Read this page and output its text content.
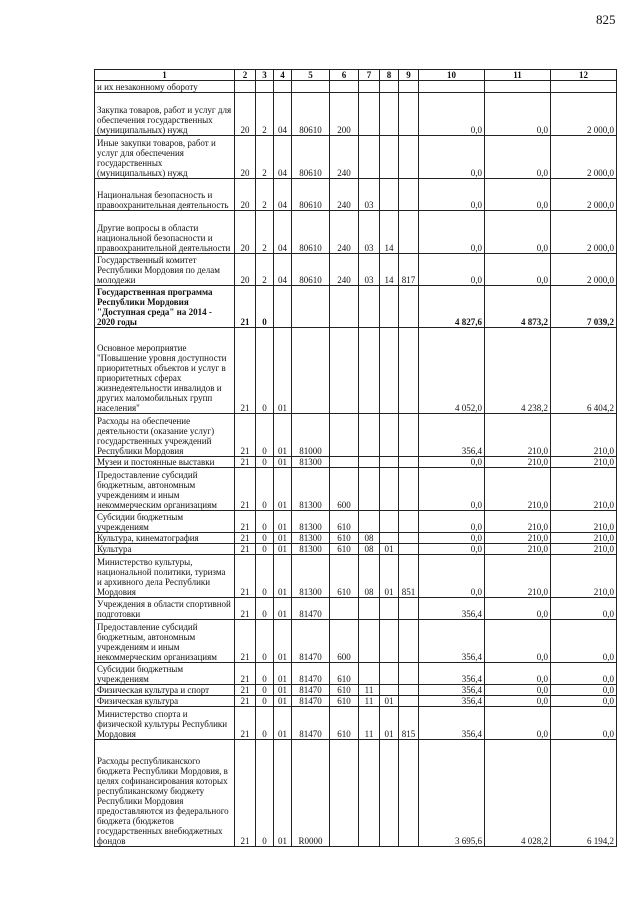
825
1	2	3	4	5	6	7	8	9	10	11	12
и их незаконному обороту											
Закупка товаров, работ и услуг для обеспечения государственных (муниципальных) нужд	20	2	04	80610	200				0,0	0,0	2 000,0
Иные закупки товаров, работ и услуг для обеспечения государственных (муниципальных) нужд	20	2	04	80610	240				0,0	0,0	2 000,0
Национальная безопасность и правоохранительная деятельность	20	2	04	80610	240	03			0,0	0,0	2 000,0
Другие вопросы в области национальной безопасности и правоохранительной деятельности	20	2	04	80610	240	03	14		0,0	0,0	2 000,0
Государственный комитет Республики Мордовия по делам молодежи	20	2	04	80610	240	03	14	817	0,0	0,0	2 000,0
Государственная программа Республики Мордовия "Доступная среда" на 2014 - 2020 годы	21	0							4 827,6	4 873,2	7 039,2
Основное мероприятие "Повышение уровня доступности приоритетных объектов и услуг в приоритетных сферах жизнедеятельности инвалидов и других маломобильных групп населения"	21	0	01						4 052,0	4 238,2	6 404,2
Расходы на обеспечение деятельности (оказание услуг) государственных учреждений Республики Мордовия	21	0	01	81000					356,4	210,0	210,0
Музеи и постоянные выставки	21	0	01	81300					0,0	210,0	210,0
Предоставление субсидий бюджетным, автономным учреждениям и иным некоммерческим организациям	21	0	01	81300	600				0,0	210,0	210,0
Субсидии бюджетным учреждениям	21	0	01	81300	610				0,0	210,0	210,0
Культура, кинематография	21	0	01	81300	610	08			0,0	210,0	210,0
Культура	21	0	01	81300	610	08	01		0,0	210,0	210,0
Министерство культуры, национальной политики, туризма и архивного дела Республики Мордовия	21	0	01	81300	610	08	01	851	0,0	210,0	210,0
Учреждения в области спортивной подготовки	21	0	01	81470					356,4	0,0	0,0
Предоставление субсидий бюджетным, автономным учреждениям и иным некоммерческим организациям	21	0	01	81470	600				356,4	0,0	0,0
Субсидии бюджетным учреждениям	21	0	01	81470	610				356,4	0,0	0,0
Физическая культура и спорт	21	0	01	81470	610	11			356,4	0,0	0,0
Физическая культура	21	0	01	81470	610	11	01		356,4	0,0	0,0
Министерство спорта и физической культуры Республики Мордовия	21	0	01	81470	610	11	01	815	356,4	0,0	0,0
Расходы республиканского бюджета Республики Мордовия, в целях софинансирования которых республиканскому бюджету Республики Мордовия предоставляются из федерального бюджета (бюджетов государственных внебюджетных фондов	21	0	01	R0000					3 695,6	4 028,2	6 194,2
